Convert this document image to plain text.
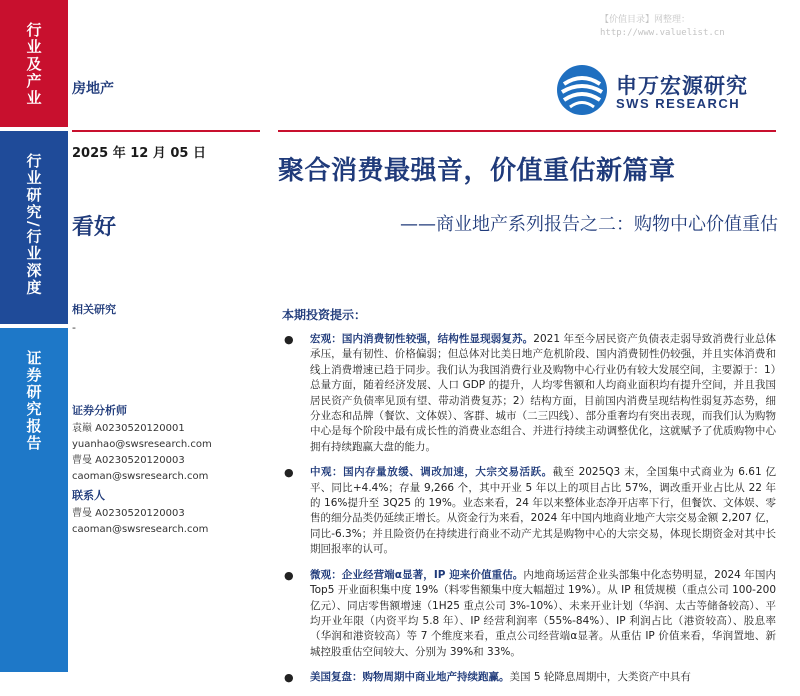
行业及产业
行业研究/行业深度
证券研究报告
房地产
2025 年 12 月 05 日
看好
相关研究
-
证券分析师
袁巅 A0230520120001
yuanhao@swsresearch.com
曹曼 A0230520120003
caoman@swsresearch.com
联系人
曹曼 A0230520120003
caoman@swsresearch.com
【价值目录】网整理：
http://www.valuelist.cn
申万宏源研究
SWS RESEARCH
聚合消费最强音，价值重估新篇章
——商业地产系列报告之二：购物中心价值重估
本期投资提示：
● 宏观：国内消费韧性较强，结构性显现弱复苏。2021 年至今居民资产负债表走弱导致消费行业总体承压，量有韧性、价格偏弱；但总体对比美日地产危机阶段、国内消费韧性仍较强，并且实体消费和线上消费增速已趋于同步。我们认为我国消费行业及购物中心行业仍有较大发展空间，主要源于：1）总量方面，随着经济发展、人口 GDP 的提升，人均零售额和人均商业面积均有提升空间，并且我国居民资产负债率见顶有望、带动消费复苏；2）结构方面，目前国内消费呈现结构性弱复苏态势，细分业态和品牌（餐饮、文体娱）、客群、城市（二三四线）、部分重奢均有突出表现，而我们认为购物中心是每个阶段中最有成长性的消费业态组合、并进行持续主动调整优化，这就赋予了优质购物中心拥有持续跑赢大盘的能力。
● 中观：国内存量放缓、调改加速，大宗交易活跃。截至 2025Q3 末，全国集中式商业为 6.61 亿平、同比+4.4%；存量 9,266 个，其中开业 5 年以上的项目占比 57%，调改重开业占比从 22 年的 16%提升至 3Q25 的 19%。业态来看，24 年以来整体业态净开店率下行，但餐饮、文体娱、零售的细分品类仍延续正增长。从资金行为来看，2024 年中国内地商业地产大宗交易金额 2,207 亿，同比-6.3%；并且险资仍在持续进行商业不动产尤其是购物中心的大宗交易，体现长期资金对其中长期回报率的认可。
● 微观：企业经营端α显著，IP 迎来价值重估。内地商场运营企业头部集中化态势明显，2024 年国内 Top5 开业面积集中度 19%（料零售额集中度大幅超过 19%）。从 IP 租赁规模（重点公司 100-200 亿元）、同店零售额增速（1H25 重点公司 3%-10%）、未来开业计划（华润、太古等储备较高）、平均开业年限（内资平均 5.8 年）、IP 经营利润率（55%-84%）、IP 利润占比（港资较高）、股息率（华润和港资较高）等 7 个维度来看，重点公司经营端α显著。从重估 IP 价值来看，华润置地、新城控股重估空间较大、分别为 39%和 33%。
● 美国复盘：购物周期中商业地产持续跑赢。美国 5 轮降息周期中，大类资产中具有
